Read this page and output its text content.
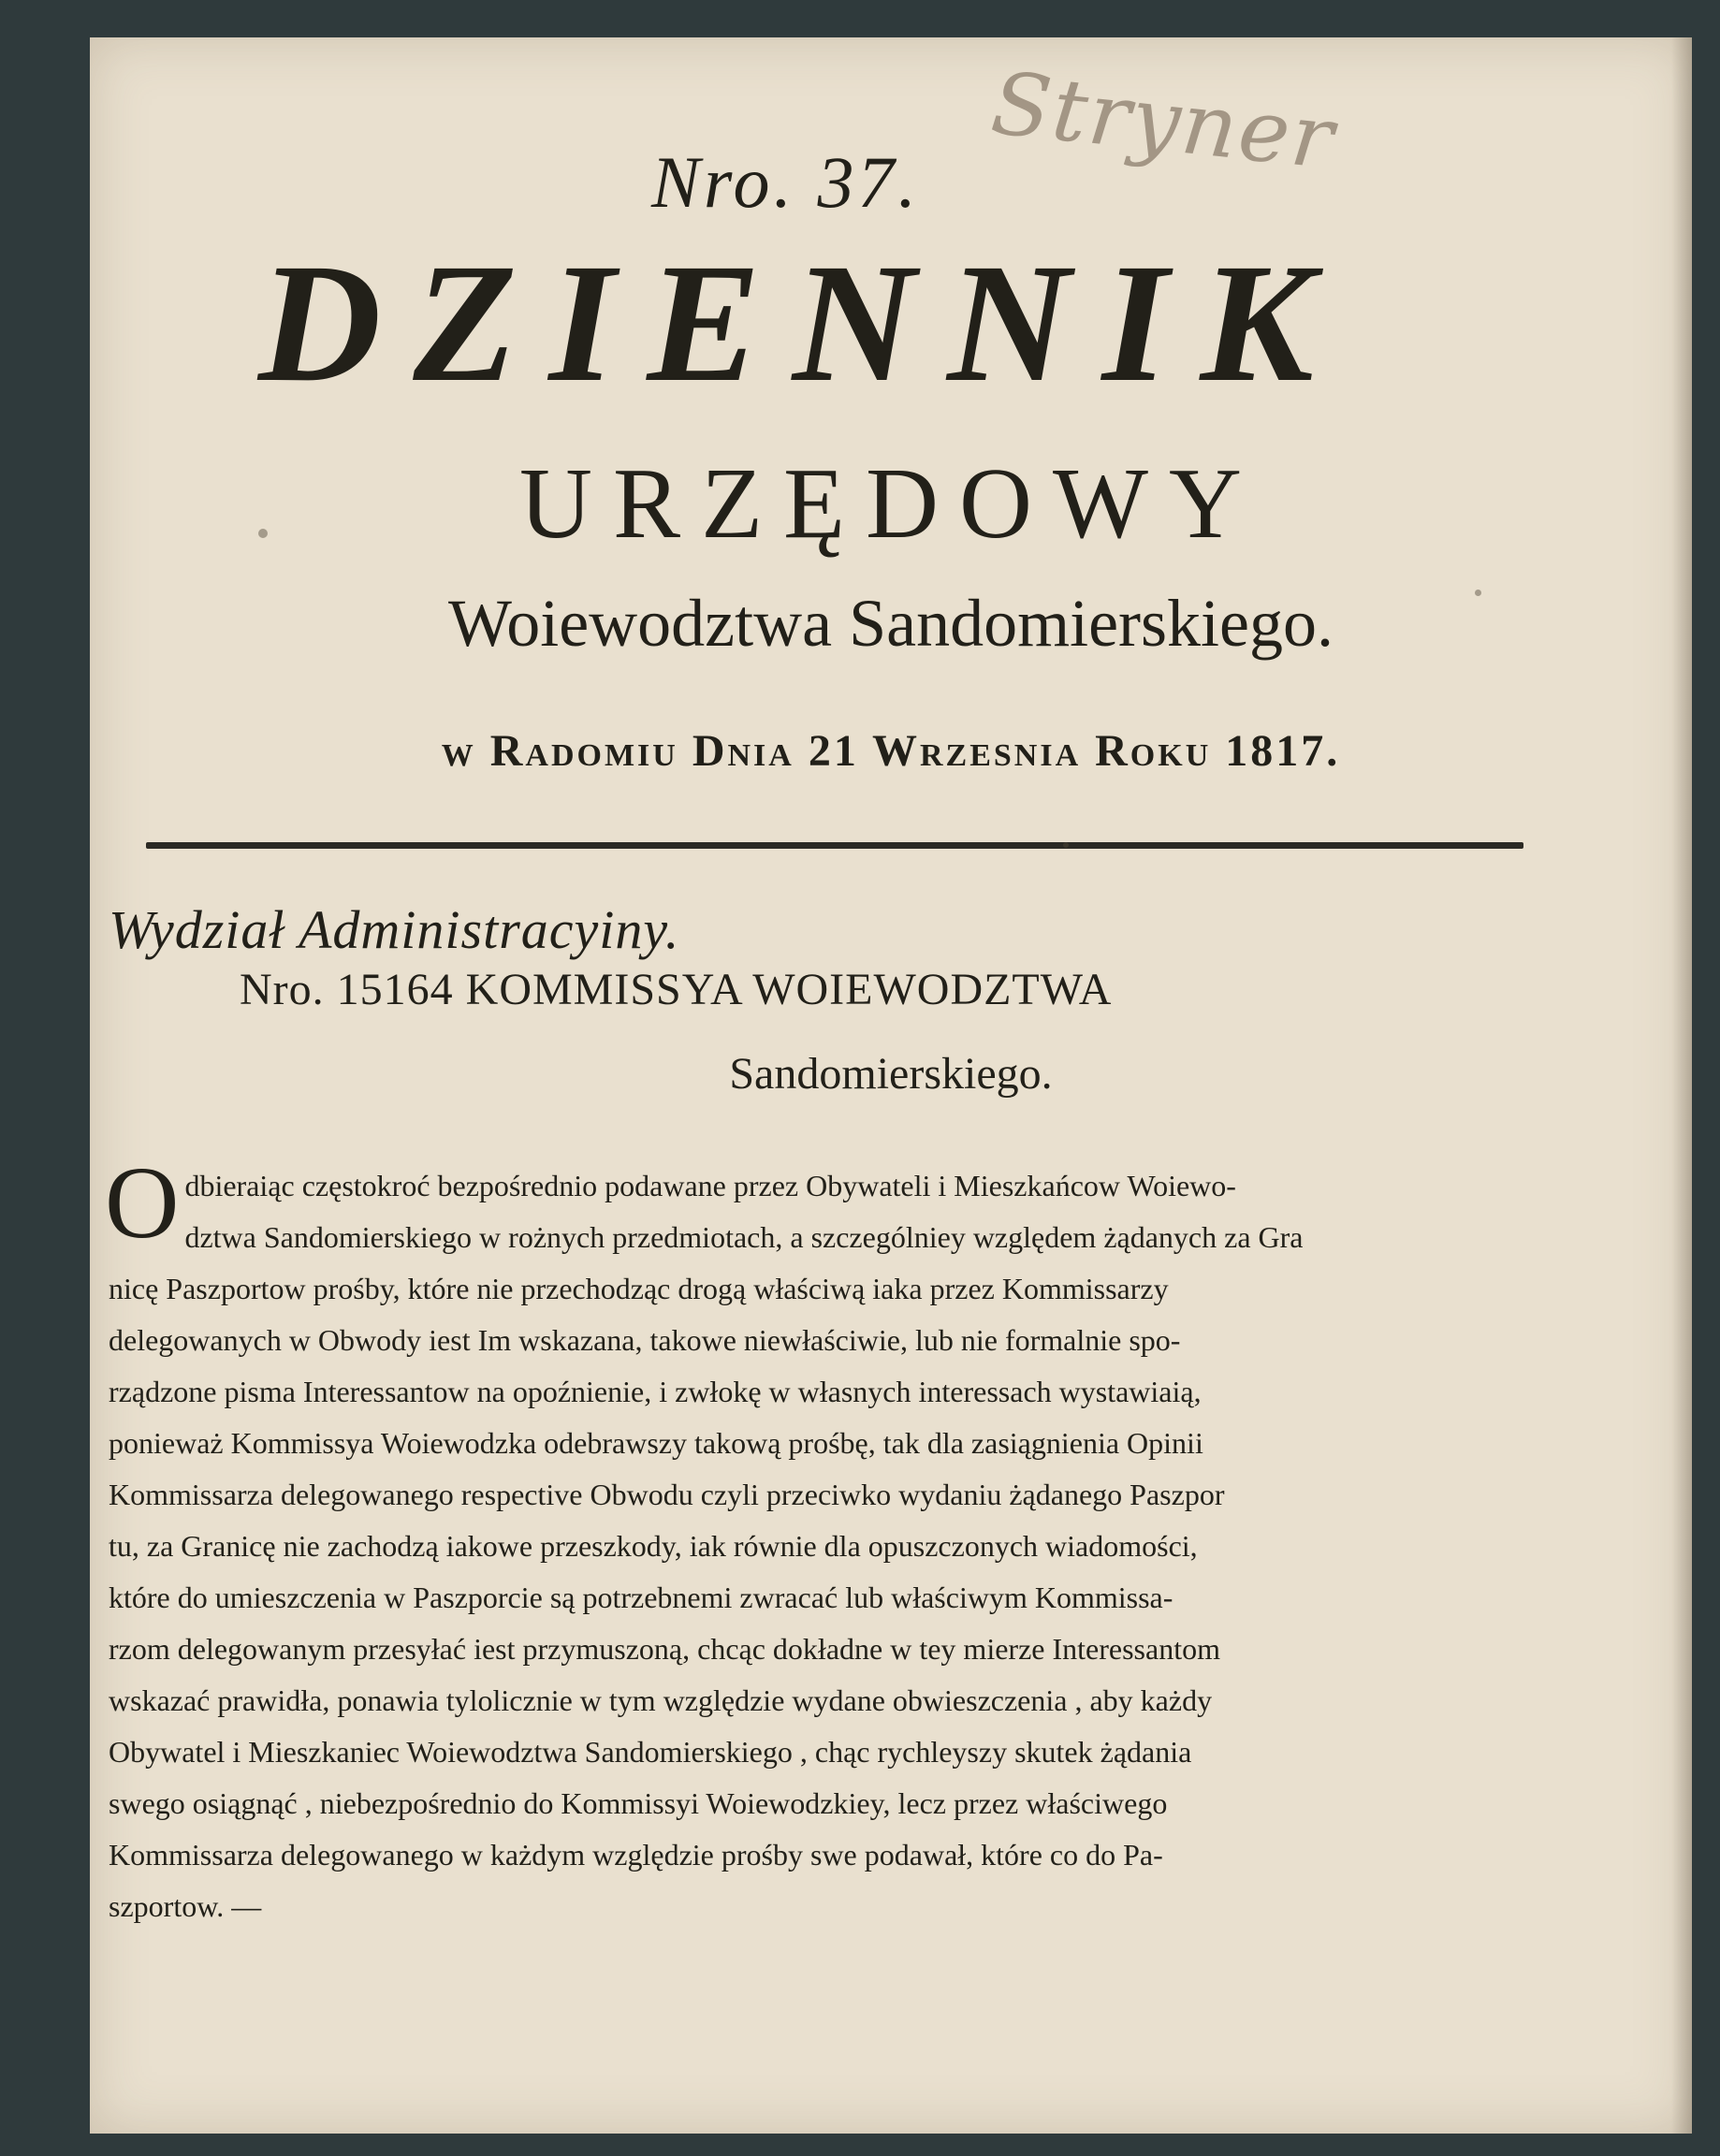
Stryner
Nro. 37.
DZIENNIK
URZĘDOWY
Woiewodztwa Sandomierskiego.
w Radomiu Dnia 21 Wrzesnia Roku 1817.
Wydział Administracyiny.
Nro. 15164 KOMMISSYA WOIEWODZTWA
Sandomierskiego.
O dbieraiąc częstokroć bezpośrednio podawane przez Obywateli i Mieszkańcow Woiewo-
dztwa Sandomierskiego w rożnych przedmiotach, a szczególniey względem żądanych za Gra
nicę Paszportow prośby, które nie przechodząc drogą właściwą iaka przez Kommissarzy
delegowanych w Obwody iest Im wskazana, takowe niewłaściwie, lub nie formalnie spo-
rządzone pisma Interessantow na opoźnienie, i zwłokę w własnych interessach wystawiaią,
ponieważ Kommissya Woiewodzka odebrawszy takową prośbę, tak dla zasiągnienia Opinii
Kommissarza delegowanego respective Obwodu czyli przeciwko wydaniu żądanego Paszpor
tu, za Granicę nie zachodzą iakowe przeszkody, iak równie dla opuszczonych wiadomości,
które do umieszczenia w Paszporcie są potrzebnemi zwracać lub właściwym Kommissa-
rzom delegowanym przesyłać iest przymuszoną, chcąc dokładne w tey mierze Interessantom
wskazać prawidła, ponawia tylolicznie w tym względzie wydane obwieszczenia , aby każdy
Obywatel i Mieszkaniec Woiewodztwa Sandomierskiego , chąc rychleyszy skutek żądania
swego osiągnąć , niebezpośrednio do Kommissyi Woiewodzkiey, lecz przez właściwego
Kommissarza delegowanego w każdym względzie prośby swe podawał, które co do Pa-
szportow. —
